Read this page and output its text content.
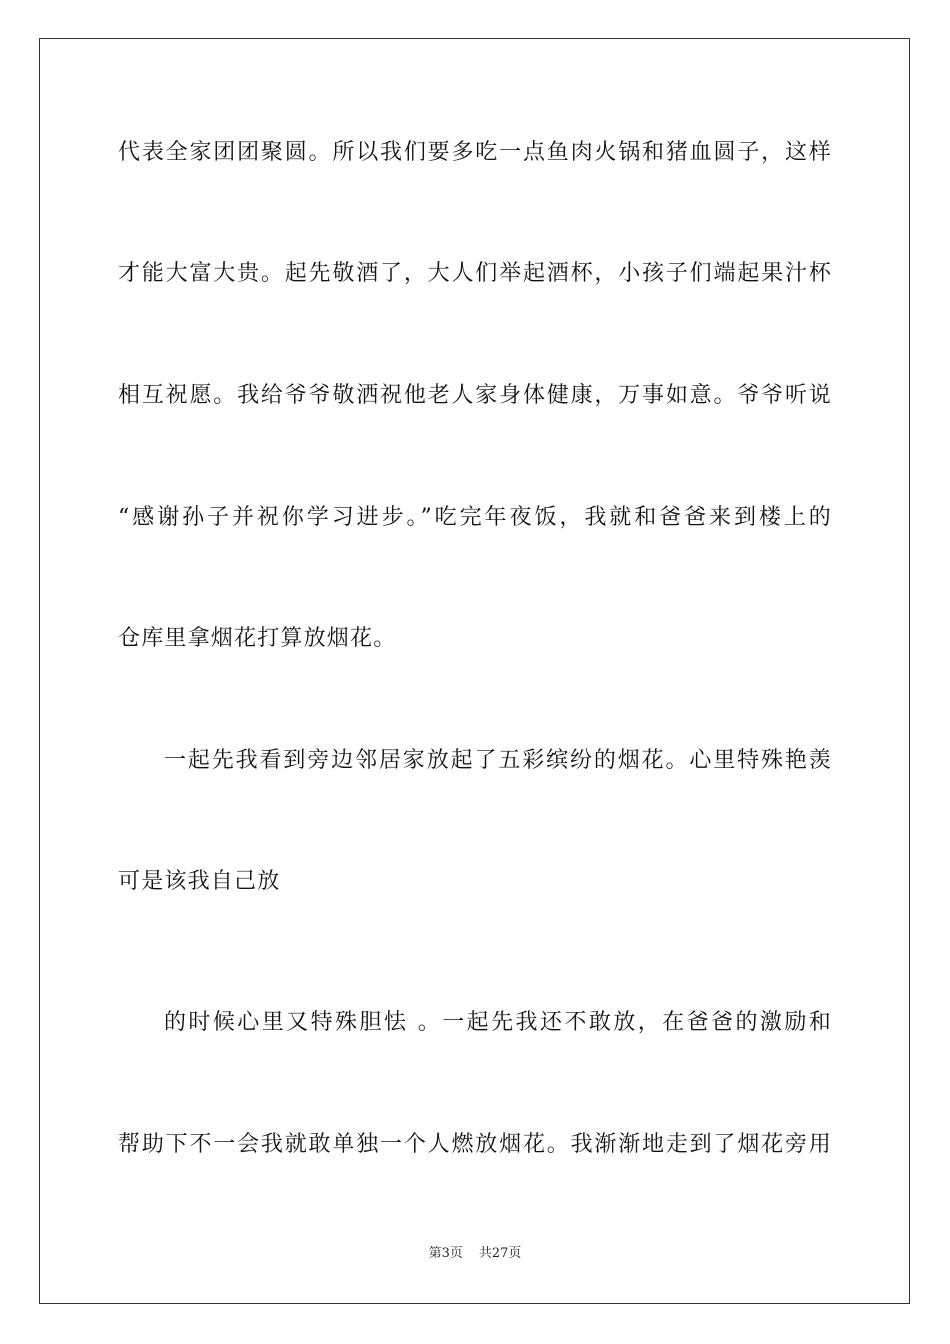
代表全家团团聚圆。所以我们要多吃一点鱼肉火锅和猪血圆子，这样
才能大富大贵。起先敬酒了，大人们举起酒杯，小孩子们端起果汁杯
相互祝愿。我给爷爷敬洒祝他老人家身体健康，万事如意。爷爷听说
“感谢孙子并祝你学习进步。”吃完年夜饭，我就和爸爸来到楼上的
仓库里拿烟花打算放烟花。
一起先我看到旁边邻居家放起了五彩缤纷的烟花。心里特殊艳羡
可是该我自己放
的时候心里又特殊胆怯 。一起先我还不敢放，在爸爸的激励和
帮助下不一会我就敢单独一个人燃放烟花。我渐渐地走到了烟花旁用
第3页 共27页
